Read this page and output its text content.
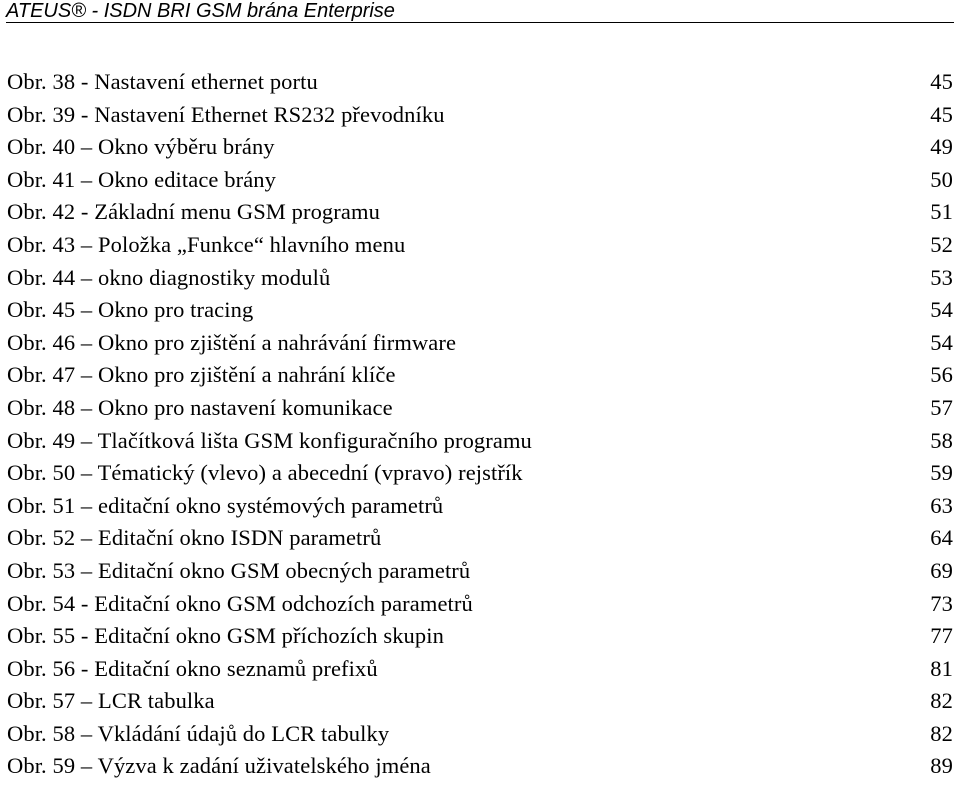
ATEUS® - ISDN BRI GSM brána Enterprise
Obr. 38 - Nastavení ethernet portu	45
Obr. 39 - Nastavení Ethernet RS232 převodníku	45
Obr. 40 – Okno výběru brány	49
Obr. 41 – Okno editace brány	50
Obr. 42 - Základní menu GSM programu	51
Obr. 43 – Položka „Funkce“ hlavního menu	52
Obr. 44 – okno diagnostiky modulů	53
Obr. 45 – Okno pro tracing	54
Obr. 46 – Okno pro zjištění a nahrávání firmware	54
Obr. 47 – Okno pro zjištění a nahrání klíče	56
Obr. 48 – Okno pro nastavení komunikace	57
Obr. 49 – Tlačítková lišta GSM konfiguračního programu	58
Obr. 50 – Tématický (vlevo) a abecední (vpravo) rejstřík	59
Obr. 51 – editační okno systémových parametrů	63
Obr. 52 – Editační okno ISDN parametrů	64
Obr. 53 – Editační okno GSM obecných parametrů	69
Obr. 54 - Editační okno GSM odchozích parametrů	73
Obr. 55 - Editační okno GSM příchozích skupin	77
Obr. 56 - Editační okno seznamů prefixů	81
Obr. 57 – LCR tabulka	82
Obr. 58 – Vkládání údajů do LCR tabulky	82
Obr. 59 – Výzva k zadání uživatelského jména	89
